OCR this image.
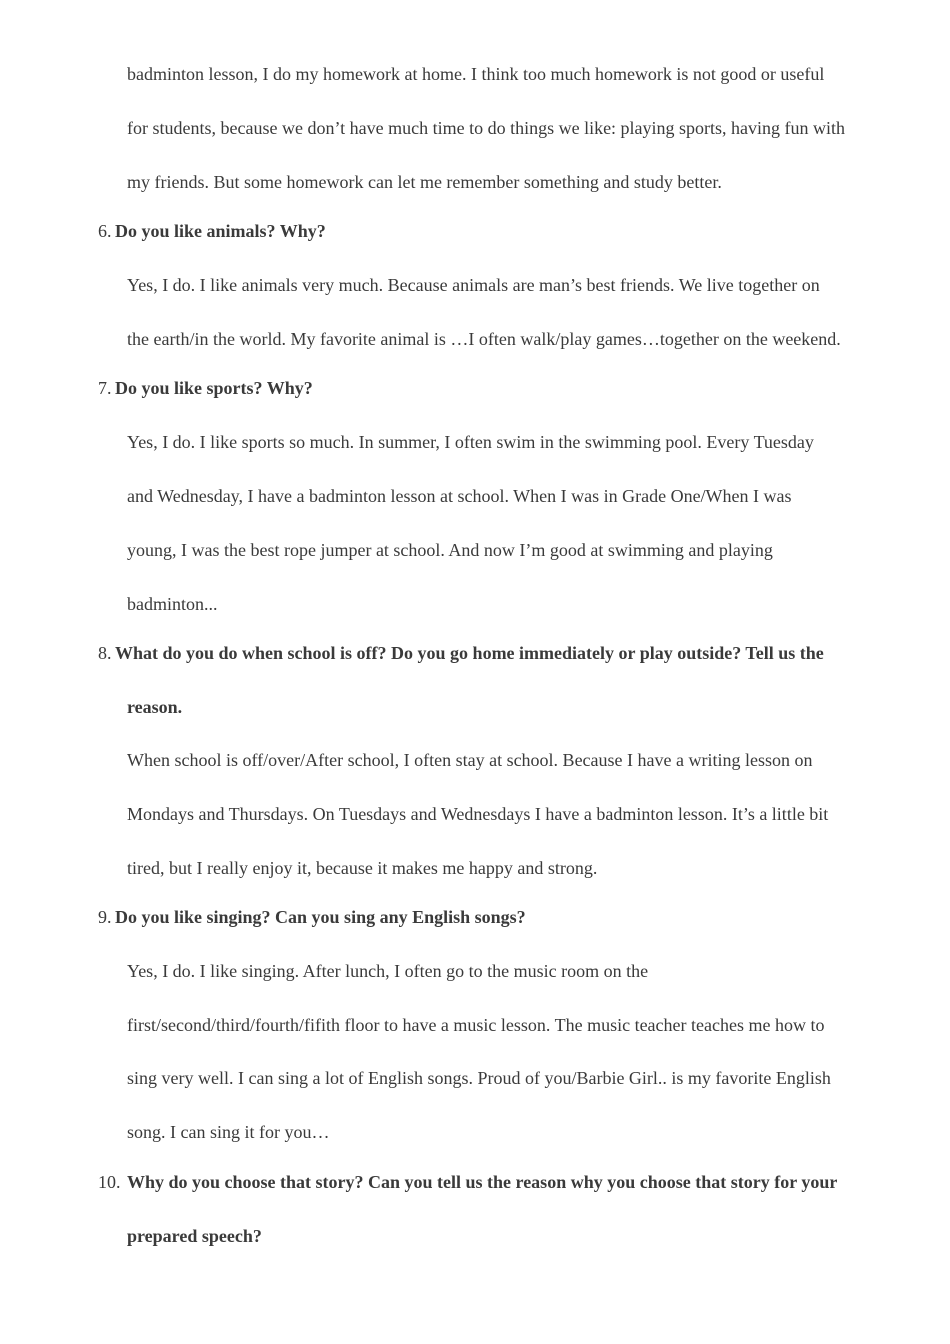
badminton lesson, I do my homework at home. I think too much homework is not good or useful
for students, because we don’t have much time to do things we like: playing sports, having fun with
my friends. But some homework can let me remember something and study better.
6. Do you like animals? Why?
Yes, I do. I like animals very much. Because animals are man’s best friends. We live together on
the earth/in the world. My favorite animal is …I often walk/play games…together on the weekend.
7. Do you like sports? Why?
Yes, I do. I like sports so much. In summer, I often swim in the swimming pool. Every Tuesday
and Wednesday, I have a badminton lesson at school. When I was in Grade One/When I was
young, I was the best rope jumper at school. And now I’m good at swimming and playing
badminton...
8. What do you do when school is off? Do you go home immediately or play outside? Tell us the
reason.
When school is off/over/After school, I often stay at school. Because I have a writing lesson on
Mondays and Thursdays. On Tuesdays and Wednesdays I have a badminton lesson. It’s a little bit
tired, but I really enjoy it, because it makes me happy and strong.
9. Do you like singing? Can you sing any English songs?
Yes, I do. I like singing. After lunch, I often go to the music room on the
first/second/third/fourth/fifith floor to have a music lesson. The music teacher teaches me how to
sing very well. I can sing a lot of English songs. Proud of you/Barbie Girl.. is my favorite English
song. I can sing it for you…
10. Why do you choose that story? Can you tell us the reason why you choose that story for your
prepared speech?
